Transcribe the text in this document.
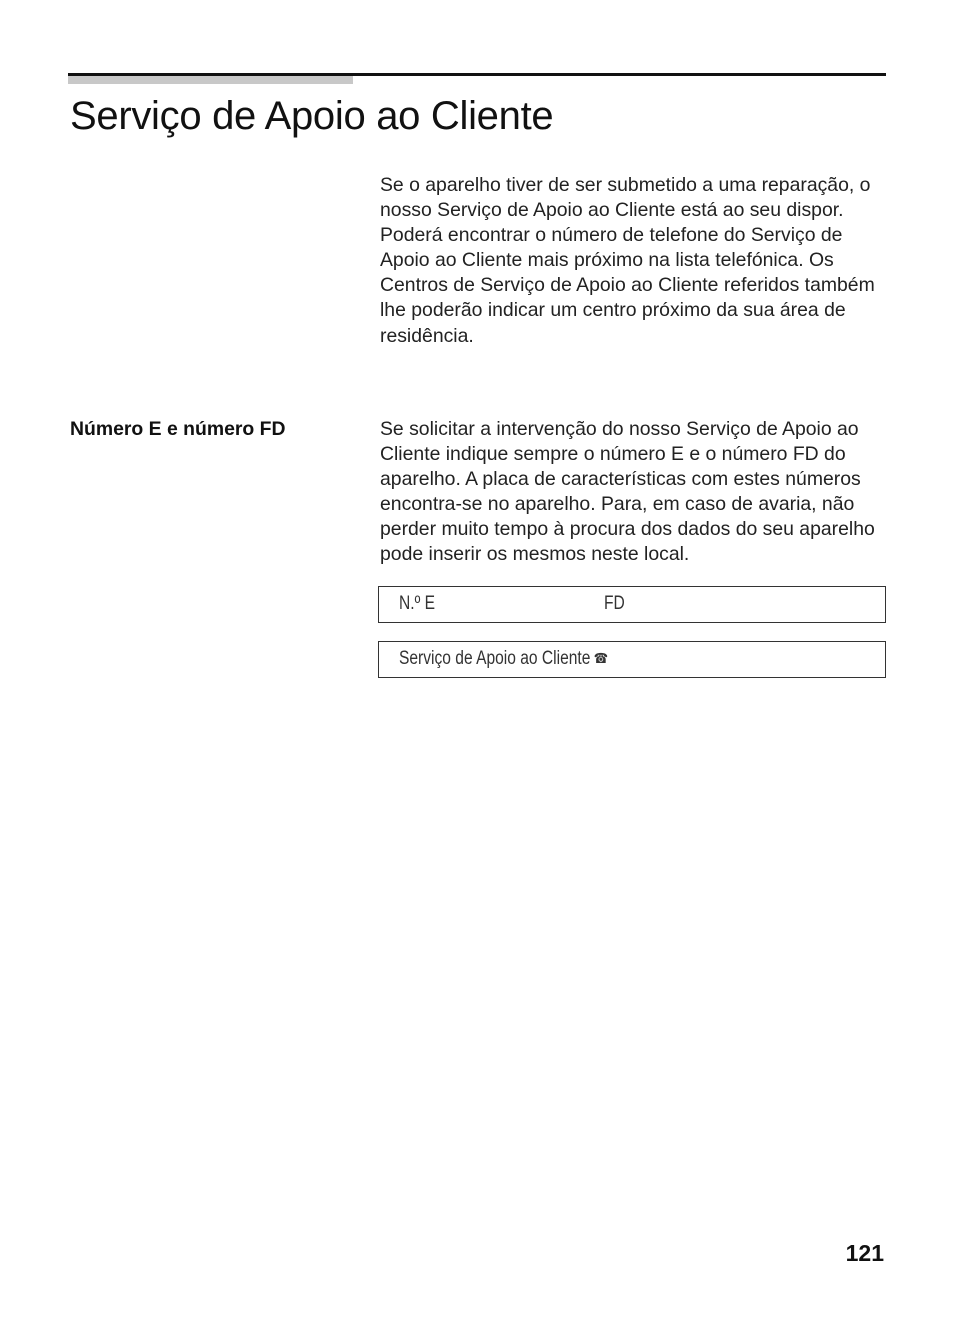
Serviço de Apoio ao Cliente

Se o aparelho tiver de ser submetido a uma reparação, o nosso Serviço de Apoio ao Cliente está ao seu dispor. Poderá encontrar o número de telefone do Serviço de Apoio ao Cliente mais próximo na lista telefónica. Os Centros de Serviço de Apoio ao Cliente referidos também lhe poderão indicar um centro próximo da sua área de residência.

Número E e número FD	Se solicitar a intervenção do nosso Serviço de Apoio ao Cliente indique sempre o número E e o número FD do aparelho. A placa de características com estes números encontra-se no aparelho. Para, em caso de avaria, não perder muito tempo à procura dos dados do seu aparelho pode inserir os mesmos neste local.

N.º E	FD
Serviço de Apoio ao Cliente ☎
121
